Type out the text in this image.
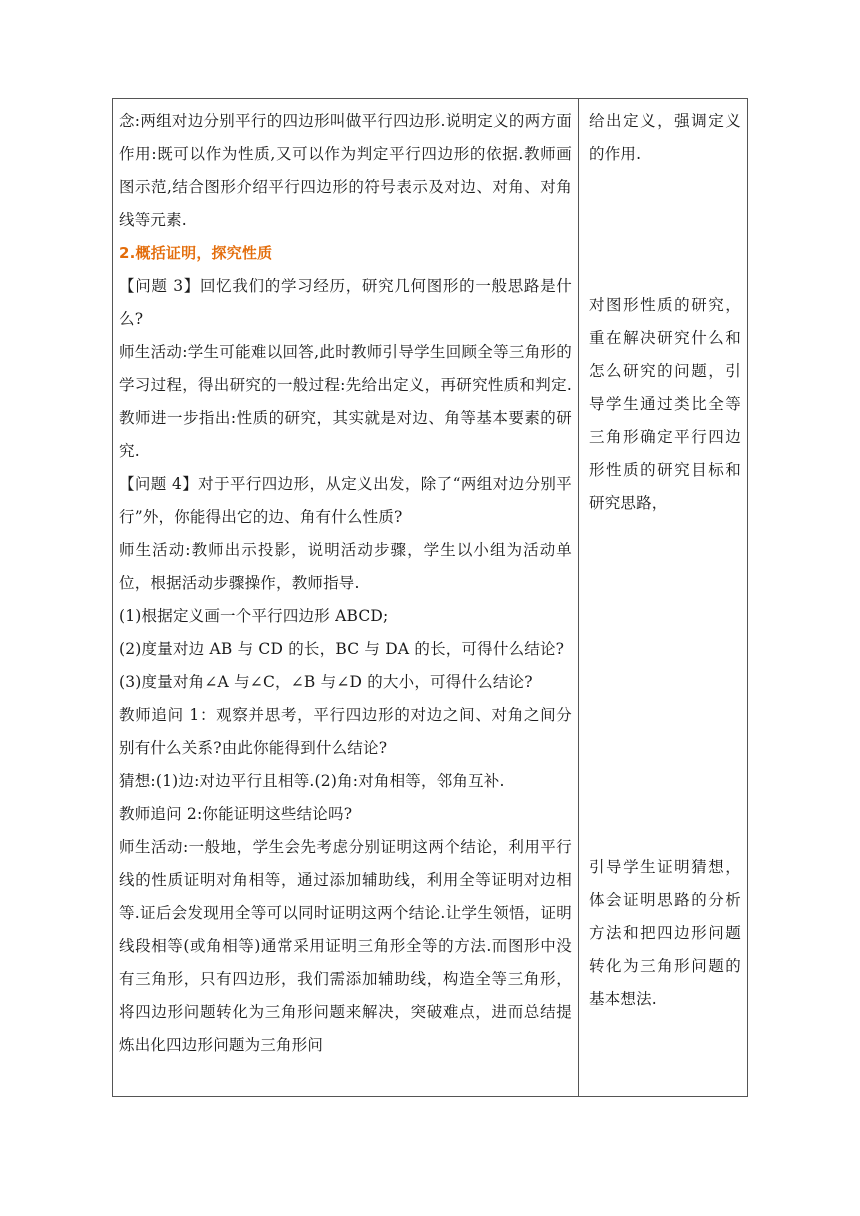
念:两组对边分别平行的四边形叫做平行四边形.说明定义的两方面作用:既可以作为性质,又可以作为判定平行四边形的依据.教师画图示范,结合图形介绍平行四边形的符号表示及对边、对角、对角线等元素.

2.概括证明，探究性质

【问题 3】回忆我们的学习经历，研究几何图形的一般思路是什么?

师生活动:学生可能难以回答,此时教师引导学生回顾全等三角形的学习过程，得出研究的一般过程:先给出定义，再研究性质和判定.教师进一步指出:性质的研究，其实就是对边、角等基本要素的研究.

【问题 4】对于平行四边形，从定义出发，除了“两组对边分别平行”外，你能得出它的边、角有什么性质?

师生活动:教师出示投影，说明活动步骤，学生以小组为活动单位，根据活动步骤操作，教师指导.

(1)根据定义画一个平行四边形 ABCD;

(2)度量对边 AB 与 CD 的长，BC 与 DA 的长，可得什么结论?

(3)度量对角∠A 与∠C，∠B 与∠D 的大小，可得什么结论?

教师追问 1：观察并思考，平行四边形的对边之间、对角之间分别有什么关系?由此你能得到什么结论?

猜想:(1)边:对边平行且相等.(2)角:对角相等，邻角互补.

教师追问 2:你能证明这些结论吗?

师生活动:一般地，学生会先考虑分别证明这两个结论，利用平行线的性质证明对角相等，通过添加辅助线，利用全等证明对边相等.证后会发现用全等可以同时证明这两个结论.让学生领悟，证明线段相等(或角相等)通常采用证明三角形全等的方法.而图形中没有三角形，只有四边形，我们需添加辅助线，构造全等三角形，将四边形问题转化为三角形问题来解决，突破难点，进而总结提炼出化四边形问题为三角形问

给出定义，强调定义的作用.

对图形性质的研究，重在解决研究什么和怎么研究的问题，引导学生通过类比全等三角形确定平行四边形性质的研究目标和研究思路，

引导学生证明猜想，体会证明思路的分析方法和把四边形问题转化为三角形问题的基本想法.
